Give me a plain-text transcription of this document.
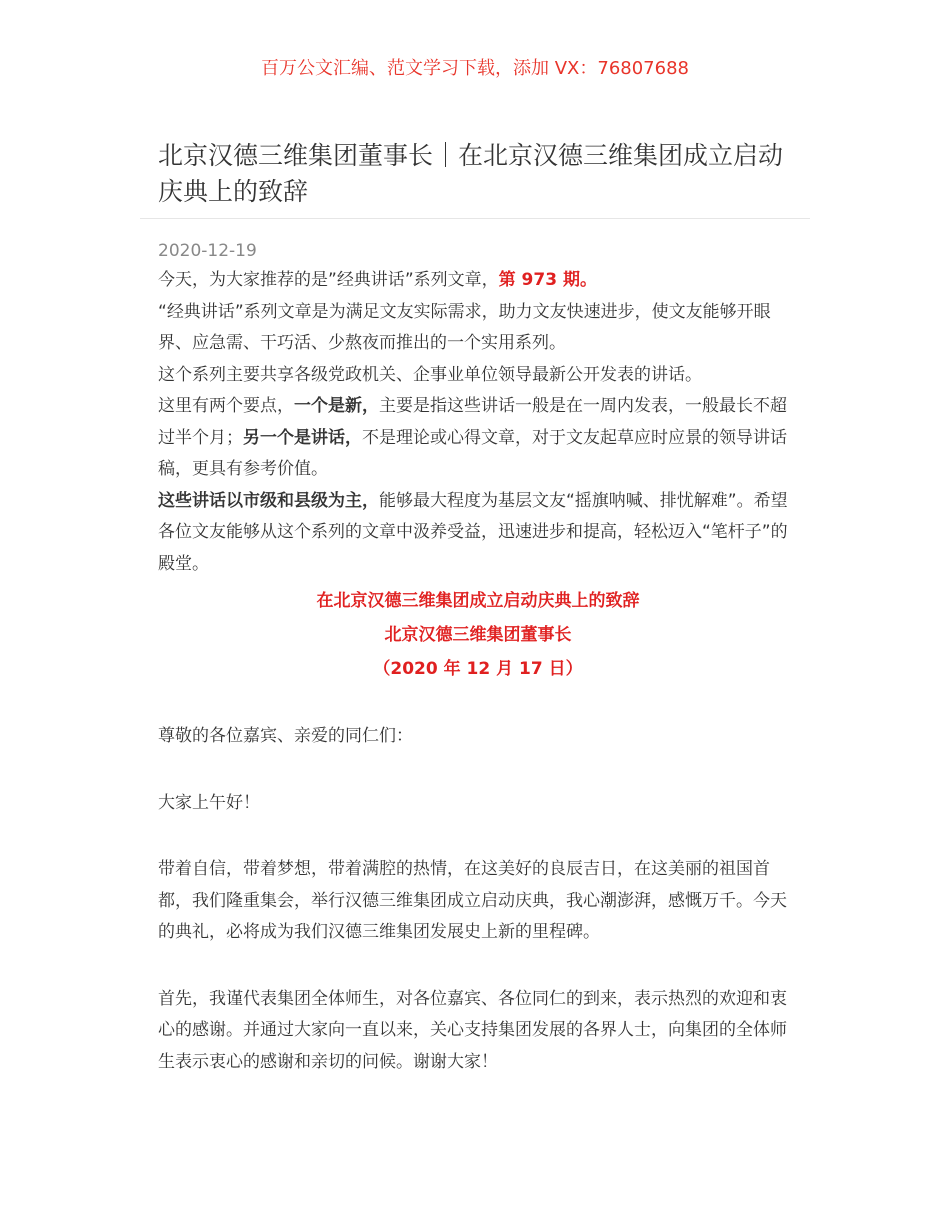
百万公文汇编、范文学习下载，添加 VX：76807688
北京汉德三维集团董事长｜在北京汉德三维集团成立启动庆典上的致辞
2020-12-19

今天，为大家推荐的是”经典讲话”系列文章，第 973 期。

“经典讲话”系列文章是为满足文友实际需求，助力文友快速进步，使文友能够开眼界、应急需、干巧活、少熬夜而推出的一个实用系列。

这个系列主要共享各级党政机关、企事业单位领导最新公开发表的讲话。

这里有两个要点，一个是新，主要是指这些讲话一般是在一周内发表，一般最长不超过半个月；另一个是讲话，不是理论或心得文章，对于文友起草应时应景的领导讲话稿，更具有参考价值。

这些讲话以市级和县级为主，能够最大程度为基层文友“摇旗呐喊、排忧解难”。希望各位文友能够从这个系列的文章中汲养受益，迅速进步和提高，轻松迈入“笔杆子”的殿堂。

在北京汉德三维集团成立启动庆典上的致辞
北京汉德三维集团董事长
（2020 年 12 月 17 日）

尊敬的各位嘉宾、亲爱的同仁们：

大家上午好！

带着自信，带着梦想，带着满腔的热情，在这美好的良辰吉日，在这美丽的祖国首都，我们隆重集会，举行汉德三维集团成立启动庆典，我心潮澎湃，感慨万千。今天的典礼，必将成为我们汉德三维集团发展史上新的里程碑。

首先，我谨代表集团全体师生，对各位嘉宾、各位同仁的到来，表示热烈的欢迎和衷心的感谢。并通过大家向一直以来，关心支持集团发展的各界人士，向集团的全体师生表示衷心的感谢和亲切的问候。谢谢大家！
